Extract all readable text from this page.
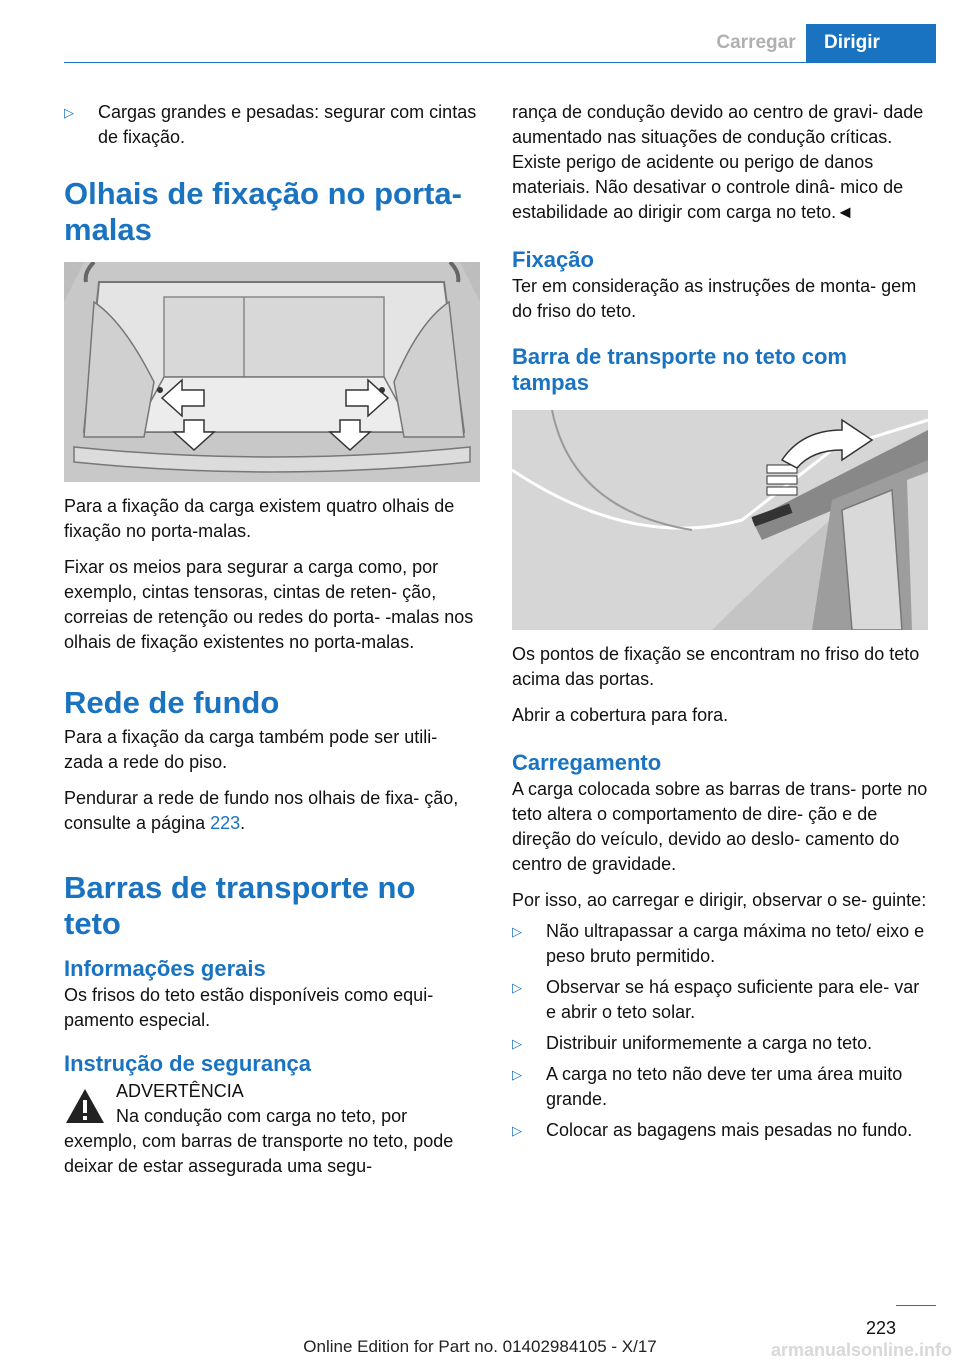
Carregar	Dirigir
▷	Cargas grandes e pesadas: segurar com cintas de fixação.
Olhais de fixação no porta- malas

Para a fixação da carga existem quatro olhais de fixação no porta-malas.

Fixar os meios para segurar a carga como, por exemplo, cintas tensoras, cintas de reten- ção, correias de retenção ou redes do porta- -malas nos olhais de fixação existentes no porta-malas.

Rede de fundo

Para a fixação da carga também pode ser utili- zada a rede do piso.

Pendurar a rede de fundo nos olhais de fixa- ção, consulte a página 223.

Barras de transporte no teto
Informações gerais

Os frisos do teto estão disponíveis como equi- pamento especial.

Instrução de segurança

ADVERTÊNCIA

Na condução com carga no teto, por exemplo, com barras de transporte no teto, pode deixar de estar assegurada uma segu-

rança de condução devido ao centro de gravi- dade aumentado nas situações de condução críticas. Existe perigo de acidente ou perigo de danos materiais. Não desativar o controle dinâ- mico de estabilidade ao dirigir com carga no teto.◄

Fixação

Ter em consideração as instruções de monta- gem do friso do teto.

Barra de transporte no teto com tampas

Os pontos de fixação se encontram no friso do teto acima das portas.

Abrir a cobertura para fora.

Carregamento

A carga colocada sobre as barras de trans- porte no teto altera o comportamento de dire- ção e de direção do veículo, devido ao deslo- camento do centro de gravidade.

Por isso, ao carregar e dirigir, observar o se- guinte:

▷	Não ultrapassar a carga máxima no teto/ eixo e peso bruto permitido.
▷	Observar se há espaço suficiente para ele- var e abrir o teto solar.
▷	Distribuir uniformemente a carga no teto.
▷	A carga no teto não deve ter uma área muito grande.
▷	Colocar as bagagens mais pesadas no fundo.
223
Online Edition for Part no. 01402984105 - X/17	armanualsonline.info
